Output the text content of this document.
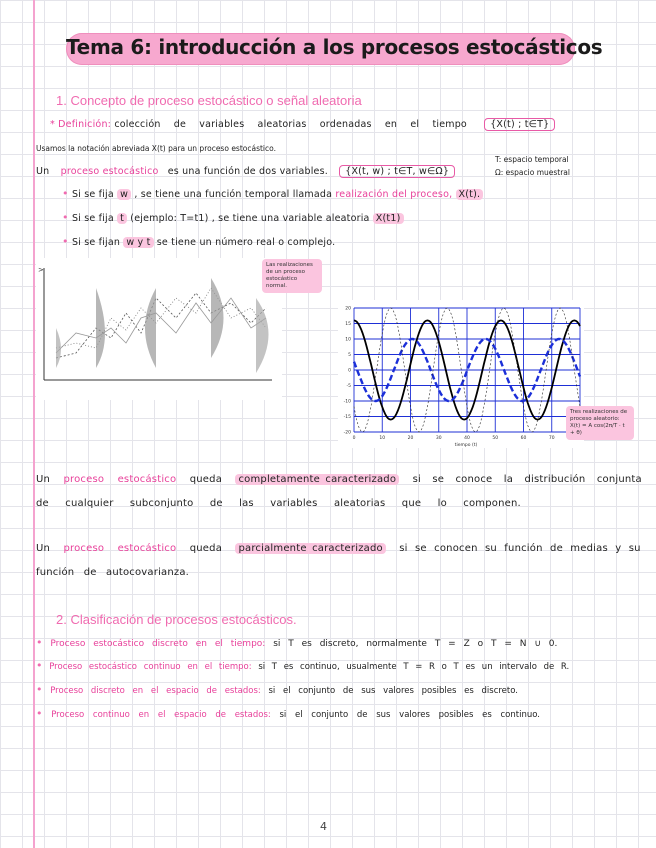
Tema 6: introducción a los procesos estocásticos
1. Concepto de proceso estocástico o señal aleatoria
* Definición: colección de variables aleatorias ordenadas en el tiempo {X(t) ; t∈T}
Usamos la notación abreviada X(t) para un proceso estocástico.
Un proceso estocástico es una función de dos variables. {X(t, w) ; t∈T, w∈Ω}
T: espacio temporal
Ω: espacio muestral
• Si se fija w , se tiene una función temporal llamada realización del proceso, X(t).
• Si se fija t (ejemplo: T=t1) , se tiene una variable aleatoria X(t1)
• Si se fijan w y t se tiene un número real o complejo.
>
Las realizaciones de un proceso estocástico normal.
20
15
10
5
0
-5
-10
-15
-20
0	10	20	30	40	50	60	70
tiempo (t)
Tres realizaciones de proceso aleatorio: X(t) = A cos(2π/T · t + θ)
Un proceso estocástico queda completamente caracterizado si se conoce la distribución conjunta
de cualquier subconjunto de las variables aleatorias que lo componen.
Un proceso estocástico queda parcialmente caracterizado si se conocen su función de medias y su
función de autocovarianza.
2. Clasificación de procesos estocásticos.
• Proceso estocástico discreto en el tiempo: si T es discreto, normalmente T = Z o T = N ∪ 0.
• Proceso estocástico continuo en el tiempo: si T es continuo, usualmente T = R o T es un intervalo de R.
• Proceso discreto en el espacio de estados: si el conjunto de sus valores posibles es discreto.
• Proceso continuo en el espacio de estados: si el conjunto de sus valores posibles es continuo.
4
